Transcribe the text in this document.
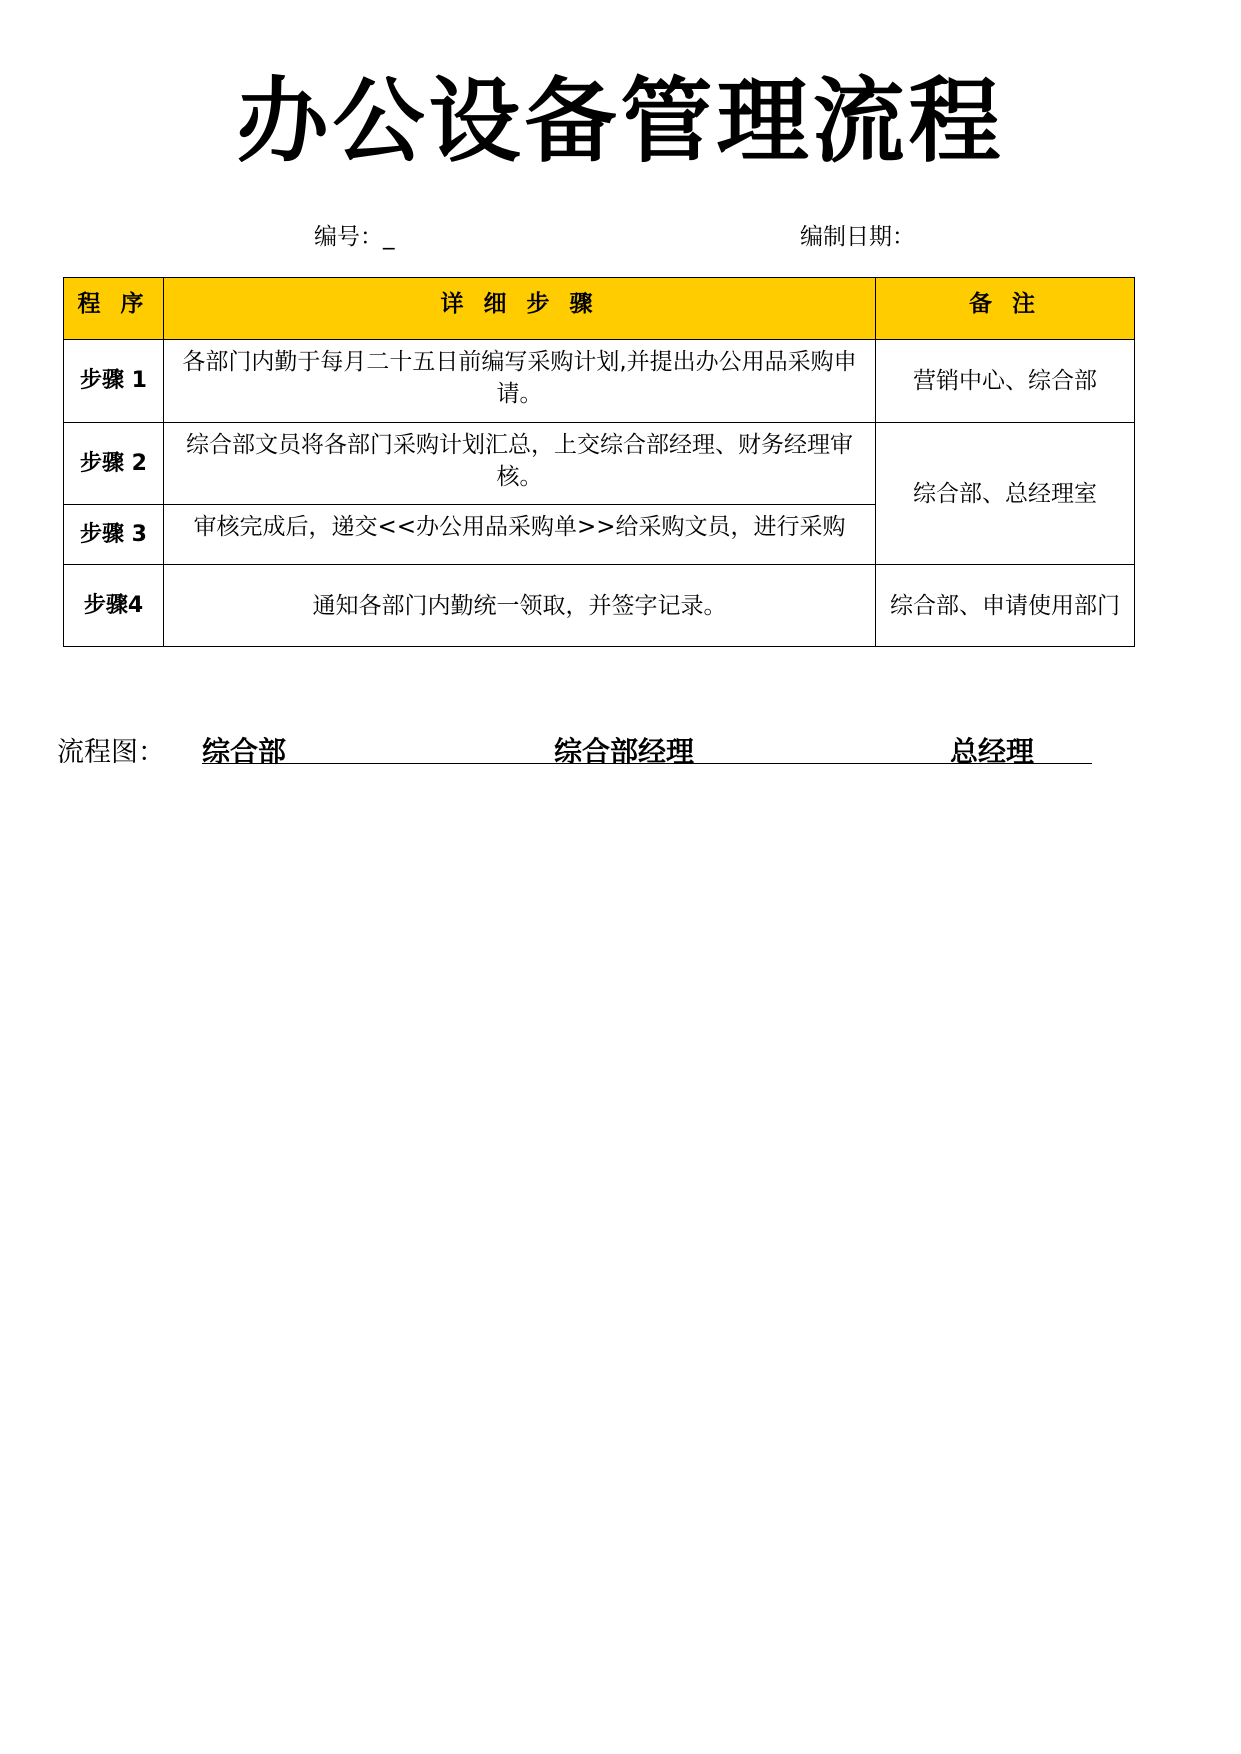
办公设备管理流程
编号：_	编制日期：
程 序	详 细 步 骤	备 注
步骤 1	各部门内勤于每月二十五日前编写采购计划,并提出办公用品采购申请。	营销中心、综合部
步骤 2	综合部文员将各部门采购计划汇总，上交综合部经理、财务经理审核。	综合部、总经理室
步骤 3	审核完成后，递交<<办公用品采购单>>给采购文员，进行采购	
步骤4	通知各部门内勤统一领取，并签字记录。	综合部、申请使用部门
流程图： 综合部	综合部经理	总经理
